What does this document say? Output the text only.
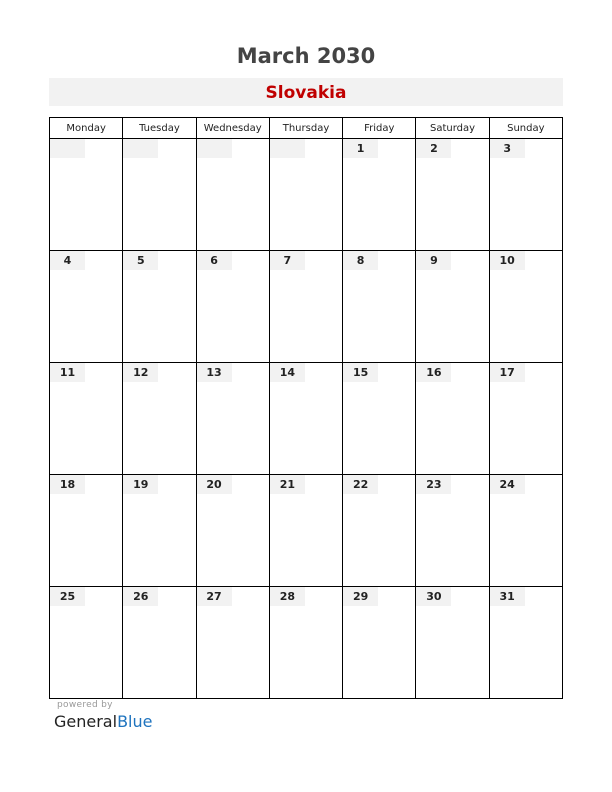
March 2030
Slovakia
Monday	Tuesday	Wednesday	Thursday	Friday	Saturday	Sunday

				1	2	3

4	5	6	7	8	9	10

11	12	13	14	15	16	17

18	19	20	21	22	23	24

25	26	27	28	29	30	31
powered by
GeneralBlue
